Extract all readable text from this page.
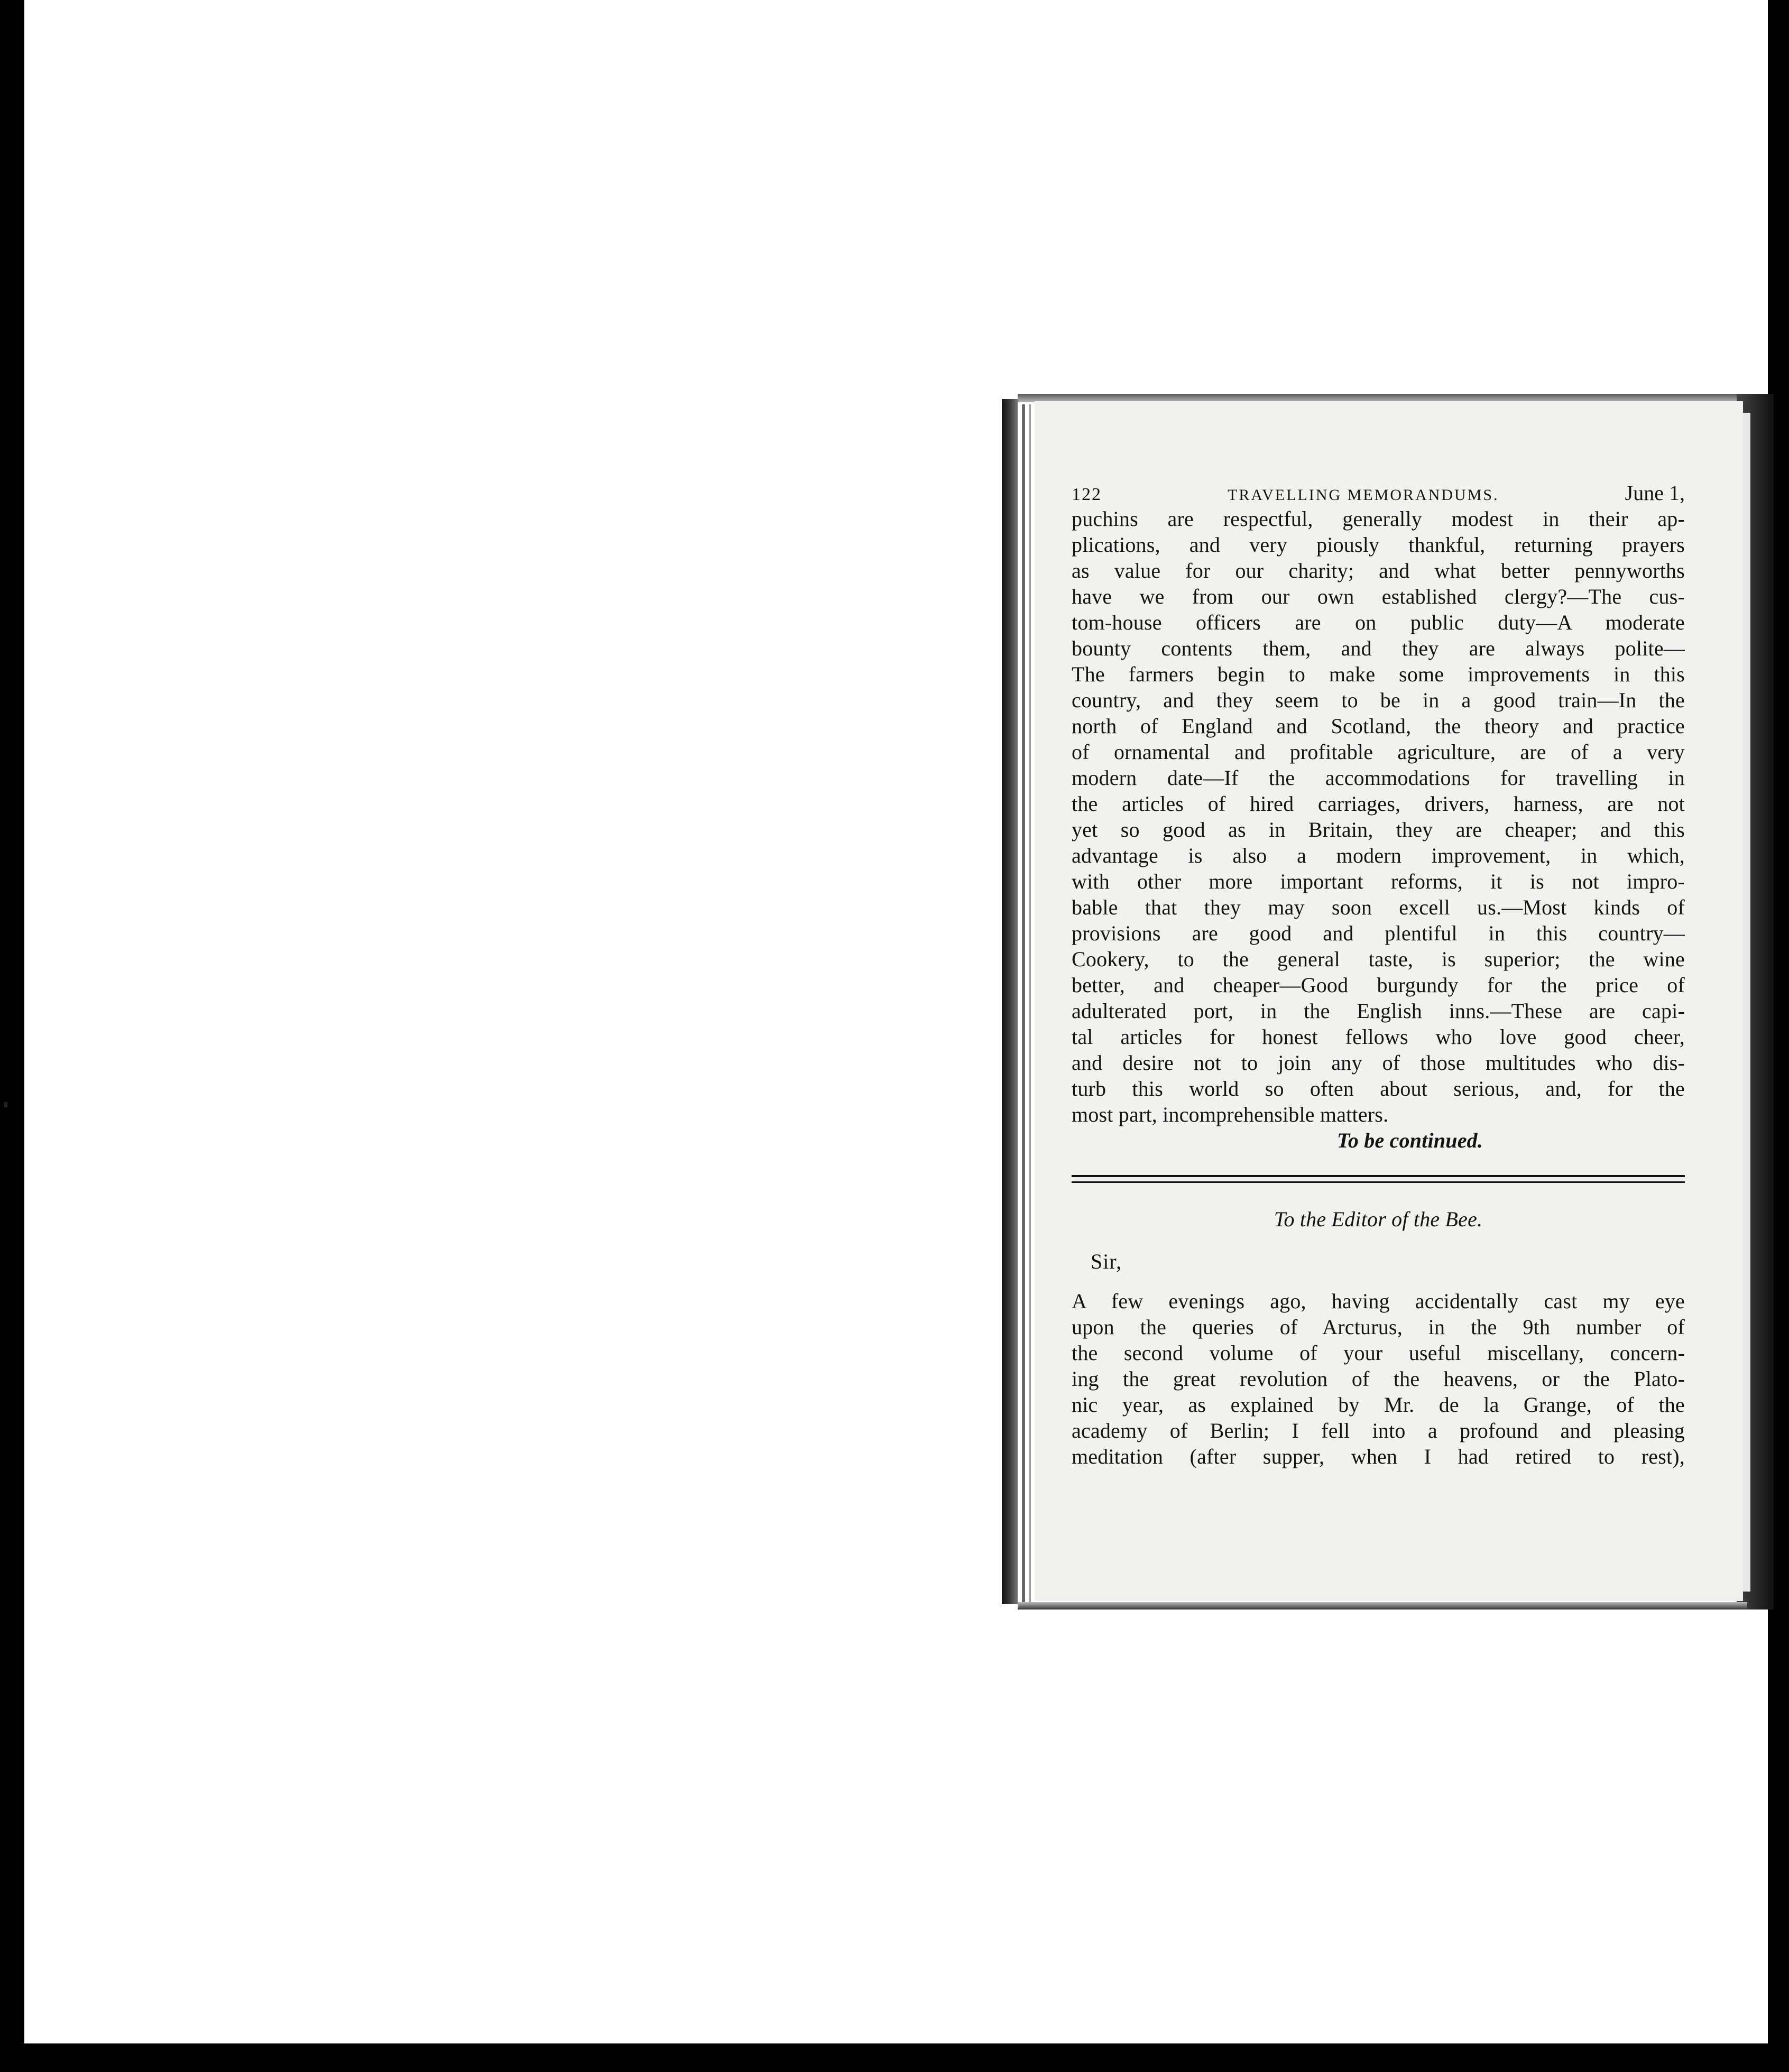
122	TRAVELLING MEMORANDUMS.	June 1,
puchins are respectful, generally modest in their ap-
plications, and very piously thankful, returning prayers
as value for our charity; and what better pennyworths
have we from our own established clergy?—The cus-
tom-house officers are on public duty—A moderate
bounty contents them, and they are always polite—
The farmers begin to make some improvements in this
country, and they seem to be in a good train—In the
north of England and Scotland, the theory and practice
of ornamental and profitable agriculture, are of a very
modern date—If the accommodations for travelling in
the articles of hired carriages, drivers, harness, are not
yet so good as in Britain, they are cheaper; and this
advantage is also a modern improvement, in which,
with other more important reforms, it is not impro-
bable that they may soon excell us.—Most kinds of
provisions are good and plentiful in this country—
Cookery, to the general taste, is superior; the wine
better, and cheaper—Good burgundy for the price of
adulterated port, in the English inns.—These are capi-
tal articles for honest fellows who love good cheer,
and desire not to join any of those multitudes who dis-
turb this world so often about serious, and, for the
most part, incomprehensible matters.
To be continued.
To the Editor of the Bee.
Sir,
A few evenings ago, having accidentally cast my eye
upon the queries of Arcturus, in the 9th number of
the second volume of your useful miscellany, concern-
ing the great revolution of the heavens, or the Plato-
nic year, as explained by Mr. de la Grange, of the
academy of Berlin; I fell into a profound and pleasing
meditation (after supper, when I had retired to rest),
